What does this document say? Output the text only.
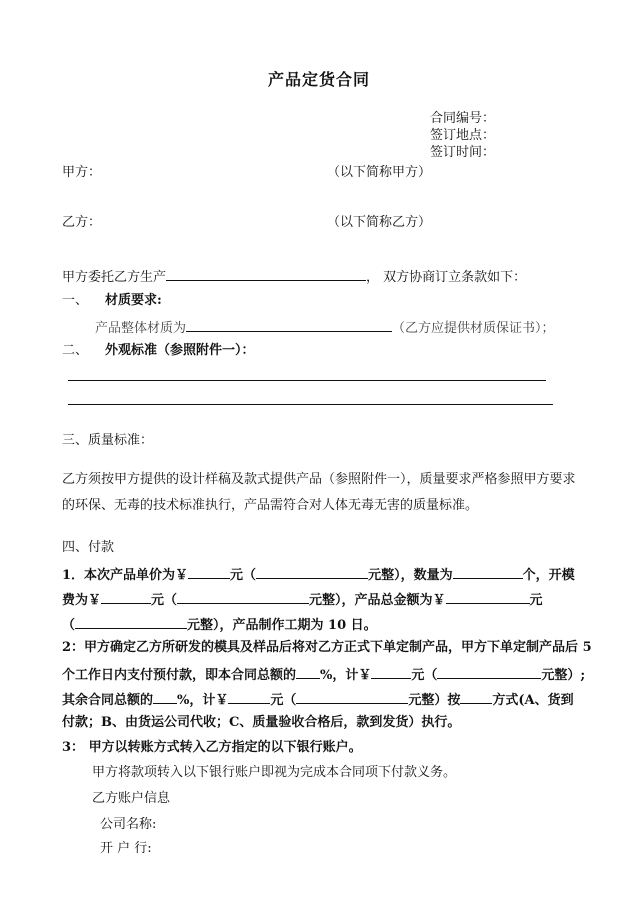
产品定货合同
合同编号：
签订地点：
签订时间：
甲方：	（以下简称甲方）
乙方：	（以下简称乙方）
甲方委托乙方生产	， 双方协商订立条款如下：
一、 材质要求:
产品整体材质为	（乙方应提供材质保证书）；
二、 外观标准（参照附件一）：
三、质量标准：
乙方须按甲方提供的设计样稿及款式提供产品（参照附件一），质量要求严格参照甲方要求
的环保、无毒的技术标准执行，产品需符合对人体无毒无害的质量标准。
四、付款
1．本次产品单价为￥	元（	元整），数量为	个，开模
费为￥	元（	元整），产品总金额为￥	元
（	元整），产品制作工期为 10 日。
2：甲方确定乙方所研发的模具及样品后将对乙方正式下单定制产品，甲方下单定制产品后 5
个工作日内支付预付款，即本合同总额的 %，计￥	元（	元整）;
其余合同总额的 %，计￥	元（	元整）按 方式(A、货到
付款；B、由货运公司代收；C、质量验收合格后，款到发货）执行。
3： 甲方以转账方式转入乙方指定的以下银行账户。
甲方将款项转入以下银行账户即视为完成本合同项下付款义务。
乙方账户信息
公司名称:
开 户 行:
